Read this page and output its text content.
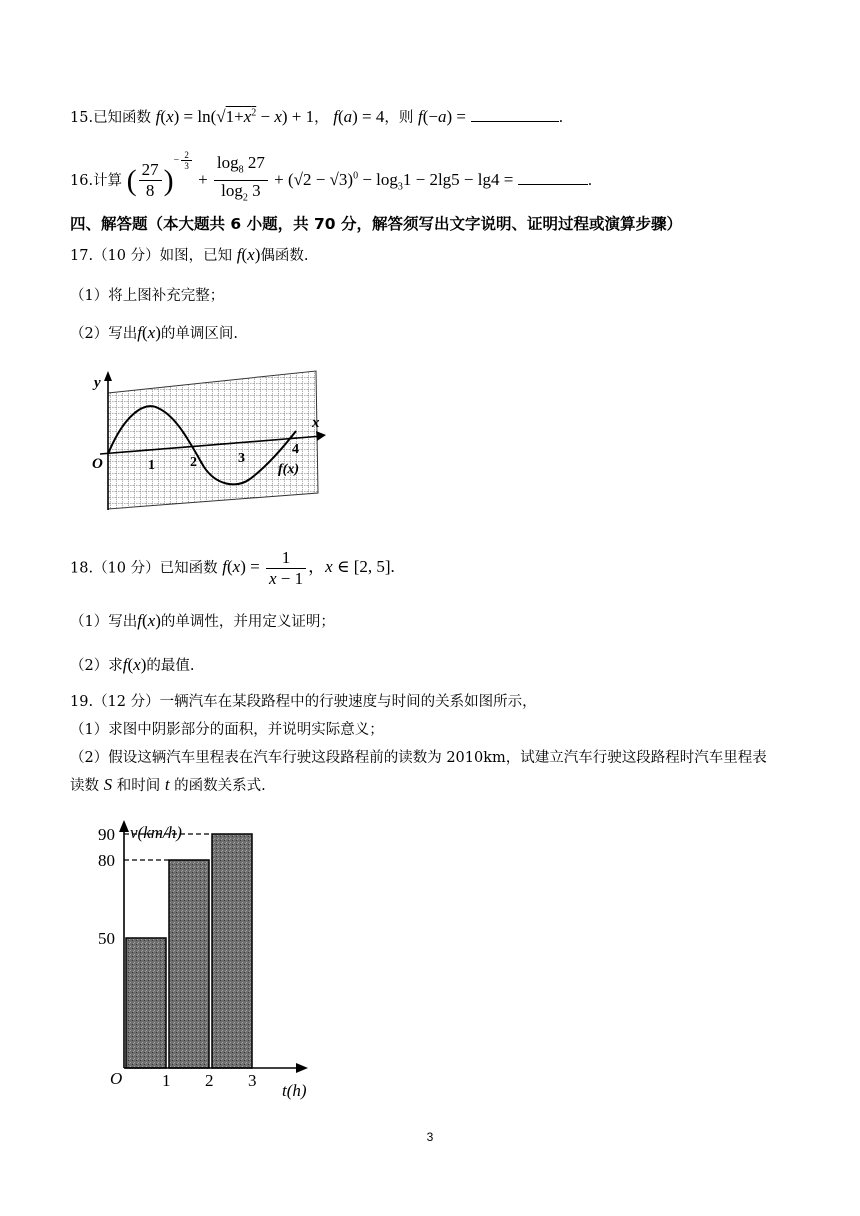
15.已知函数 $f(x) = \ln(√1+x^2 - x) + 1$， f(a) = 4，则 f(−a) =	.
16.计算 ( $\frac{27}{8} )^{- \frac{2}{3}}$
+ $\frac{\log_8 27}{\log_2 3} + (√2 - √3)^0 - \log_31 - 2\lg 5 - \lg 4$ =	.
四、解答题（本大题共 6 小题，共 70 分，解答须写出文字说明、证明过程或演算步骤）
17.（10 分）如图，已知 f(x)偶函数.
（1）将上图补充完整；
（2）写出f(x)的单调区间.
y
x
O	1	2	3
4
f(x)
18.（10 分）已知函数 $f(x) = \frac{1}{x - 1}$ ，x ∈ [2, 5].
（1）写出f(x)的单调性，并用定义证明；
（2）求f(x)的最值.
19.（12 分）一辆汽车在某段路程中的行驶速度与时间的关系如图所示，
（1）求图中阴影部分的面积，并说明实际意义；
（2）假设这辆汽车里程表在汽车行驶这段路程前的读数为 2010km，试建立汽车行驶这段路程时汽车里程表
读数 S 和时间 t 的函数关系式.
v(km/h)
t(h)
O
50
80
90
1 2 3
3
